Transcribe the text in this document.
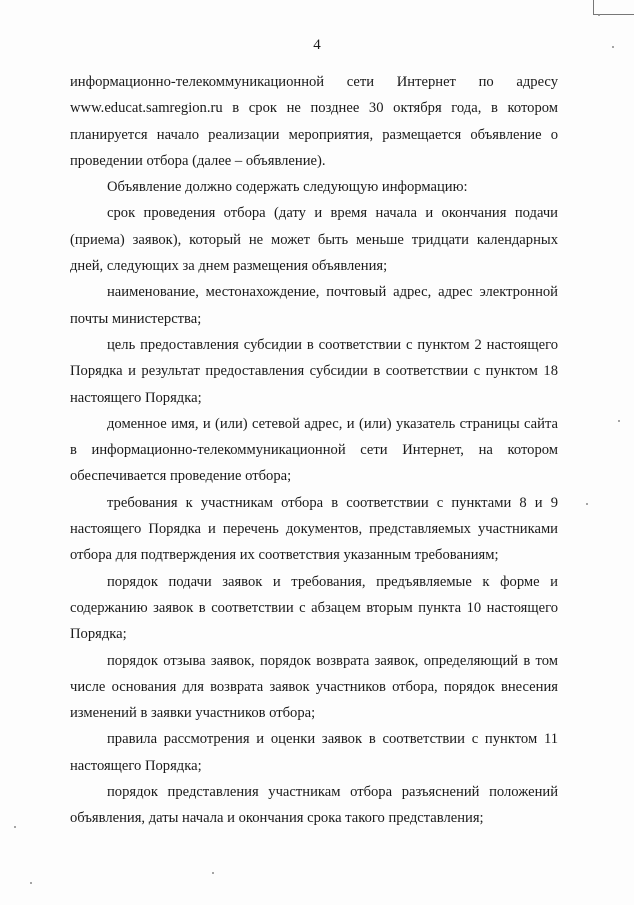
4

информационно-телекоммуникационной сети Интернет по адресу www.educat.samregion.ru в срок не позднее 30 октября года, в котором планируется начало реализации мероприятия, размещается объявление о проведении отбора (далее – объявление).

Объявление должно содержать следующую информацию:

срок проведения отбора (дату и время начала и окончания подачи (приема) заявок), который не может быть меньше тридцати календарных дней, следующих за днем размещения объявления;

наименование, местонахождение, почтовый адрес, адрес электронной почты министерства;

цель предоставления субсидии в соответствии с пунктом 2 настоящего Порядка и результат предоставления субсидии в соответствии с пунктом 18 настоящего Порядка;

доменное имя, и (или) сетевой адрес, и (или) указатель страницы сайта в информационно-телекоммуникационной сети Интернет, на котором обеспечивается проведение отбора;

требования к участникам отбора в соответствии с пунктами 8 и 9 настоящего Порядка и перечень документов, представляемых участниками отбора для подтверждения их соответствия указанным требованиям;

порядок подачи заявок и требования, предъявляемые к форме и содержанию заявок в соответствии с абзацем вторым пункта 10 настоящего Порядка;

порядок отзыва заявок, порядок возврата заявок, определяющий в том числе основания для возврата заявок участников отбора, порядок внесения изменений в заявки участников отбора;

правила рассмотрения и оценки заявок в соответствии с пунктом 11 настоящего Порядка;

порядок представления участникам отбора разъяснений положений объявления, даты начала и окончания срока такого представления;
